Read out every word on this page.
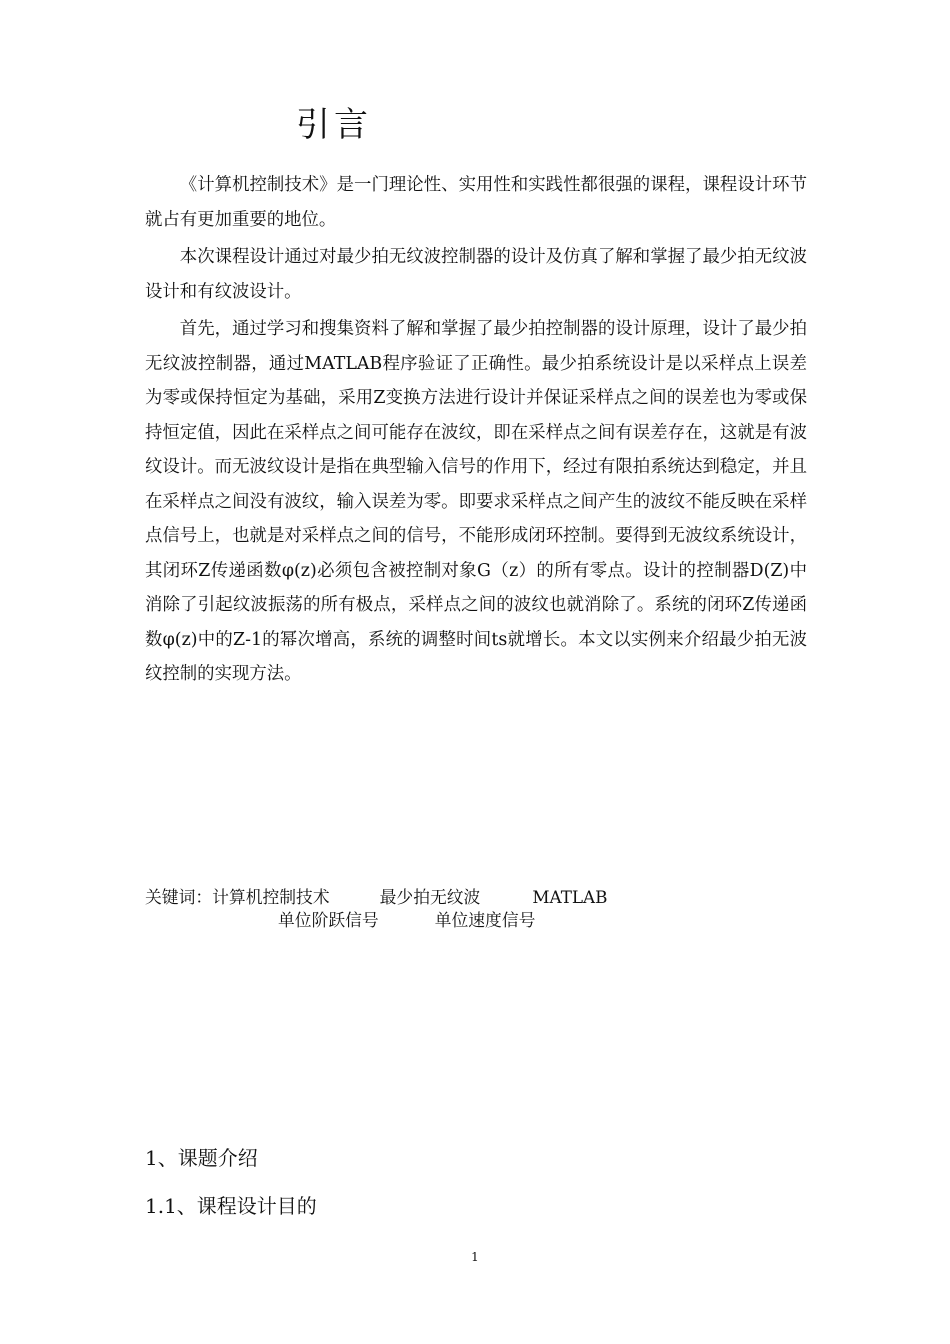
引言

《计算机控制技术》是一门理论性、实用性和实践性都很强的课程，课程设计环节就占有更加重要的地位。

本次课程设计通过对最少拍无纹波控制器的设计及仿真了解和掌握了最少拍无纹波设计和有纹波设计。

首先，通过学习和搜集资料了解和掌握了最少拍控制器的设计原理，设计了最少拍无纹波控制器，通过MATLAB程序验证了正确性。最少拍系统设计是以采样点上误差为零或保持恒定为基础，采用Z变换方法进行设计并保证采样点之间的误差也为零或保持恒定值，因此在采样点之间可能存在波纹，即在采样点之间有误差存在，这就是有波纹设计。而无波纹设计是指在典型输入信号的作用下，经过有限拍系统达到稳定，并且在采样点之间没有波纹，输入误差为零。即要求采样点之间产生的波纹不能反映在采样点信号上，也就是对采样点之间的信号，不能形成闭环控制。要得到无波纹系统设计，其闭环Z传递函数φ(z)必须包含被控制对象G（z）的所有零点。设计的控制器D(Z)中消除了引起纹波振荡的所有极点，采样点之间的波纹也就消除了。系统的闭环Z传递函数φ(z)中的Z-1的幂次增高，系统的调整时间ts就增长。本文以实例来介绍最少拍无波纹控制的实现方法。

关键词：计算机控制技术	最少拍无纹波	MATLAB
单位阶跃信号	单位速度信号
1、课题介绍
1.1、课程设计目的
1
